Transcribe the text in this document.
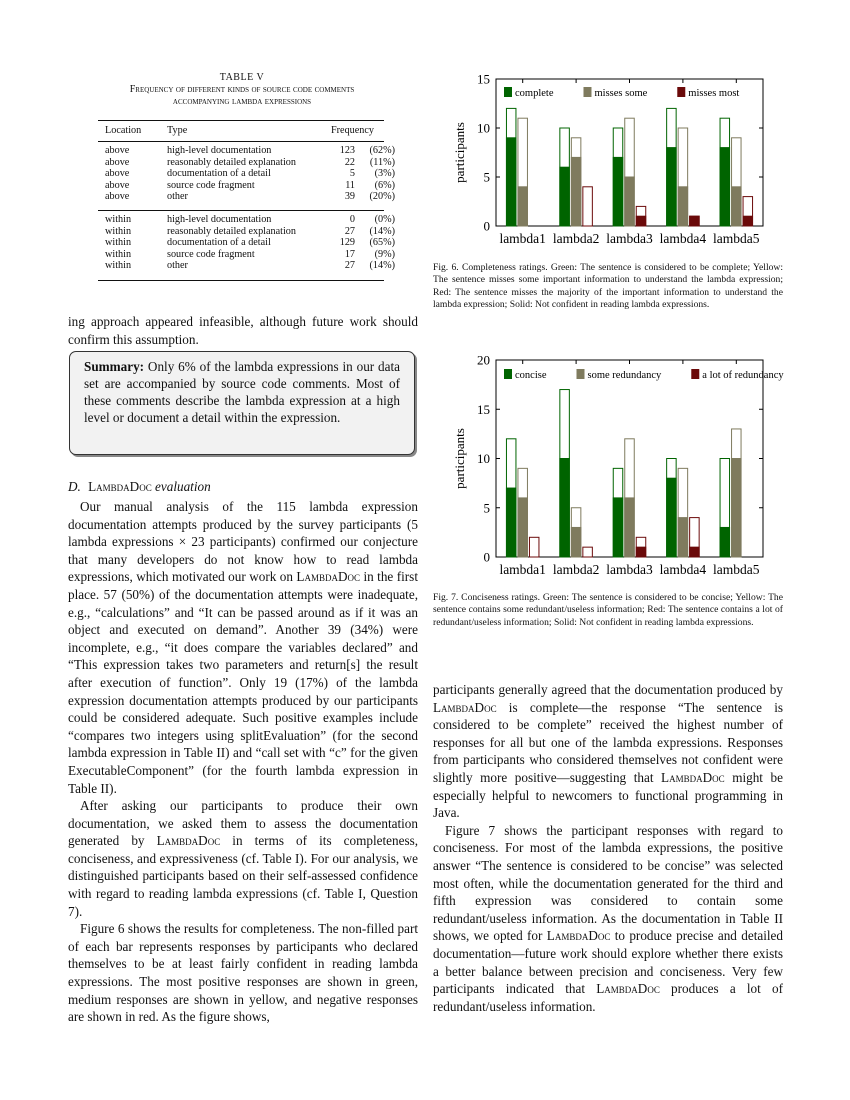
TABLE V
Frequency of different kinds of source code comments
accompanying lambda expressions
Location	Type	Frequency
above	high-level documentation	123	(62%)
above	reasonably detailed explanation	22	(11%)
above	documentation of a detail	5	(3%)
above	source code fragment	11	(6%)
above	other	39	(20%)
within	high-level documentation	0	(0%)
within	reasonably detailed explanation	27	(14%)
within	documentation of a detail	129	(65%)
within	source code fragment	17	(9%)
within	other	27	(14%)
ing approach appeared infeasible, although future work should
confirm this assumption.
Summary: Only 6% of the lambda expressions in our data set are accompanied by source code comments. Most of these comments describe the lambda expression at a high level or document a detail within the expression.
D. LambdaDoc evaluation

Our manual analysis of the 115 lambda expression documentation attempts produced by the survey participants (5 lambda expressions × 23 participants) confirmed our conjecture that many developers do not know how to read lambda expressions, which motivated our work on LambdaDoc in the first place. 57 (50%) of the documentation attempts were inadequate, e.g., “calculations” and “It can be passed around as if it was an object and executed on demand”. Another 39 (34%) were incomplete, e.g., “it does compare the variables declared” and “This expression takes two parameters and return[s] the result after execution of function”. Only 19 (17%) of the lambda expression documentation attempts produced by our participants could be considered adequate. Such positive examples include “compares two integers using splitEvaluation” (for the second lambda expression in Table II) and “call set with “c” for the given ExecutableComponent” (for the fourth lambda expression in Table II).

After asking our participants to produce their own documentation, we asked them to assess the documentation generated by LambdaDoc in terms of its completeness, conciseness, and expressiveness (cf. Table I). For our analysis, we distinguished participants based on their self-assessed confidence with regard to reading lambda expressions (cf. Table I, Question 7).

Figure 6 shows the results for completeness. The non-filled part of each bar represents responses by participants who declared themselves to be at least fairly confident in reading lambda expressions. The most positive responses are shown in green, medium responses are shown in yellow, and negative responses are shown in red. As the figure shows,

0
5
10
15
participants
lambda1 lambda2 lambda3 lambda4 lambda5
complete	misses some	misses most
Fig. 6. Completeness ratings. Green: The sentence is considered to be complete; Yellow: The sentence misses some important information to understand the lambda expression; Red: The sentence misses the majority of the important information to understand the lambda expression; Solid: Not confident in reading lambda expressions.
0
5
10
15
20
participants
lambda1 lambda2 lambda3 lambda4 lambda5
concise	some redundancy	a lot of redundancy
Fig. 7. Conciseness ratings. Green: The sentence is considered to be concise; Yellow: The sentence contains some redundant/useless information; Red: The sentence contains a lot of redundant/useless information; Solid: Not confident in reading lambda expressions.

participants generally agreed that the documentation produced by LambdaDoc is complete—the response “The sentence is considered to be complete” received the highest number of responses for all but one of the lambda expressions. Responses from participants who considered themselves not confident were slightly more positive—suggesting that LambdaDoc might be especially helpful to newcomers to functional programming in Java.

Figure 7 shows the participant responses with regard to conciseness. For most of the lambda expressions, the positive answer “The sentence is considered to be concise” was selected most often, while the documentation generated for the third and fifth expression was considered to contain some redundant/useless information. As the documentation in Table II shows, we opted for LambdaDoc to produce precise and detailed documentation—future work should explore whether there exists a better balance between precision and conciseness. Very few participants indicated that LambdaDoc produces a lot of redundant/useless information.
